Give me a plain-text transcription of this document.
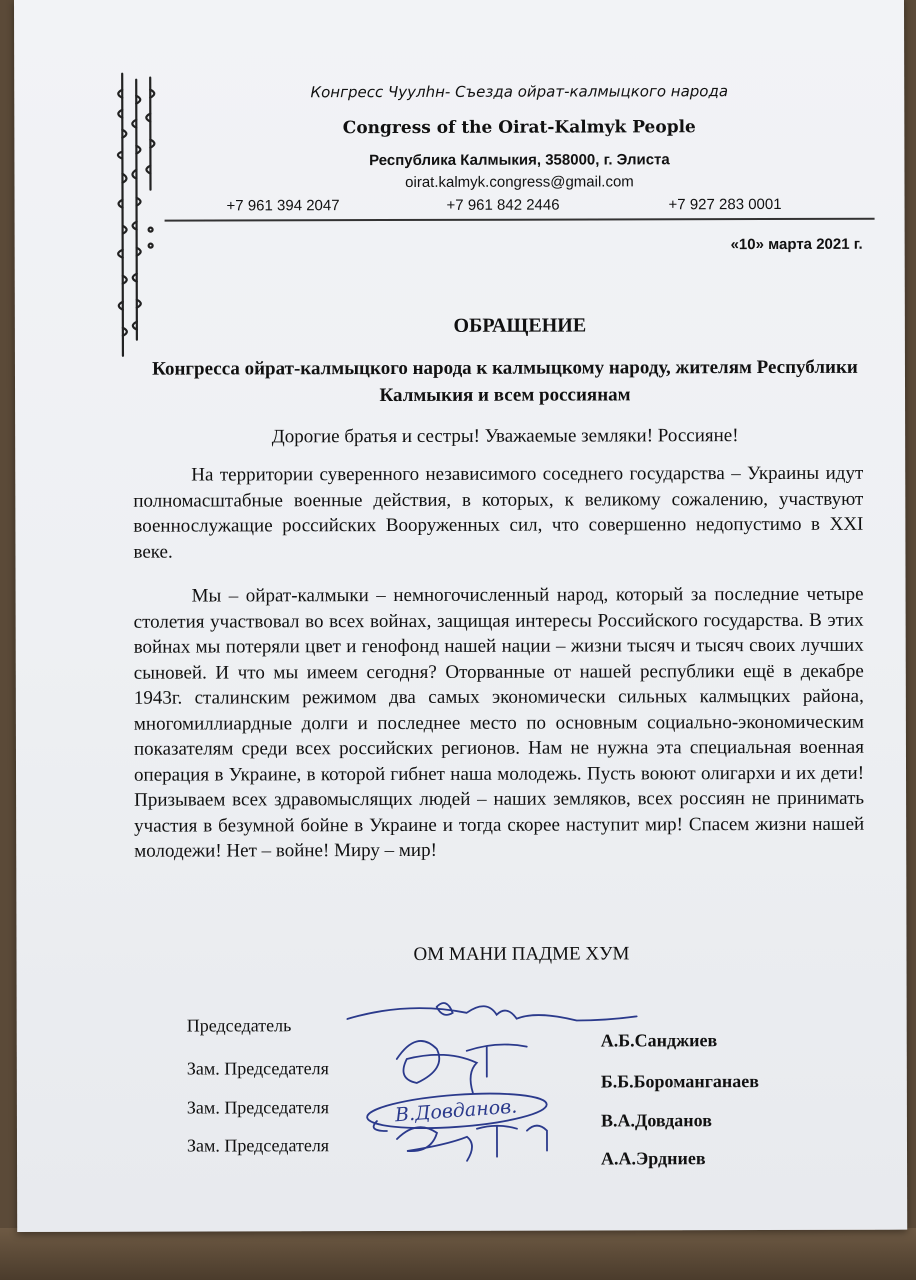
Конгресс Чуулһн- Съезда ойрат-калмыцкого народа
Congress of the Oirat-Kalmyk People
Республика Калмыкия, 358000, г. Элиста
oirat.kalmyk.congress@gmail.com
+7 961 394 2047	+7 961 842 2446	+7 927 283 0001
«10» марта 2021 г.
ОБРАЩЕНИЕ
Конгресса ойрат-калмыцкого народа к калмыцкому народу, жителям Республики Калмыкия и всем россиянам
Дорогие братья и сестры! Уважаемые земляки! Россияне!

На территории суверенного независимого соседнего государства – Украины идут полномасштабные военные действия, в которых, к великому сожалению, участвуют военнослужащие российских Вооруженных сил, что совершенно недопустимо в XXI веке.

Мы – ойрат-калмыки – немногочисленный народ, который за последние четыре столетия участвовал во всех войнах, защищая интересы Российского государства. В этих войнах мы потеряли цвет и генофонд нашей нации – жизни тысяч и тысяч своих лучших сыновей. И что мы имеем сегодня? Оторванные от нашей республики ещё в декабре 1943г. сталинским режимом два самых экономически сильных калмыцких района, многомиллиардные долги и последнее место по основным социально-экономическим показателям среди всех российских регионов. Нам не нужна эта специальная военная операция в Украине, в которой гибнет наша молодежь. Пусть воюют олигархи и их дети! Призываем всех здравомыслящих людей – наших земляков, всех россиян не принимать участия в безумной бойне в Украине и тогда скорее наступит мир! Спасем жизни нашей молодежи! Нет – войне! Миру – мир!

ОМ МАНИ ПАДМЕ ХУМ
Председатель
Зам. Председателя
Зам. Председателя
Зам. Председателя
А.Б.Санджиев
Б.Б.Бороманганаев
В.А.Довданов
А.А.Эрдниев
В.Довданов.
